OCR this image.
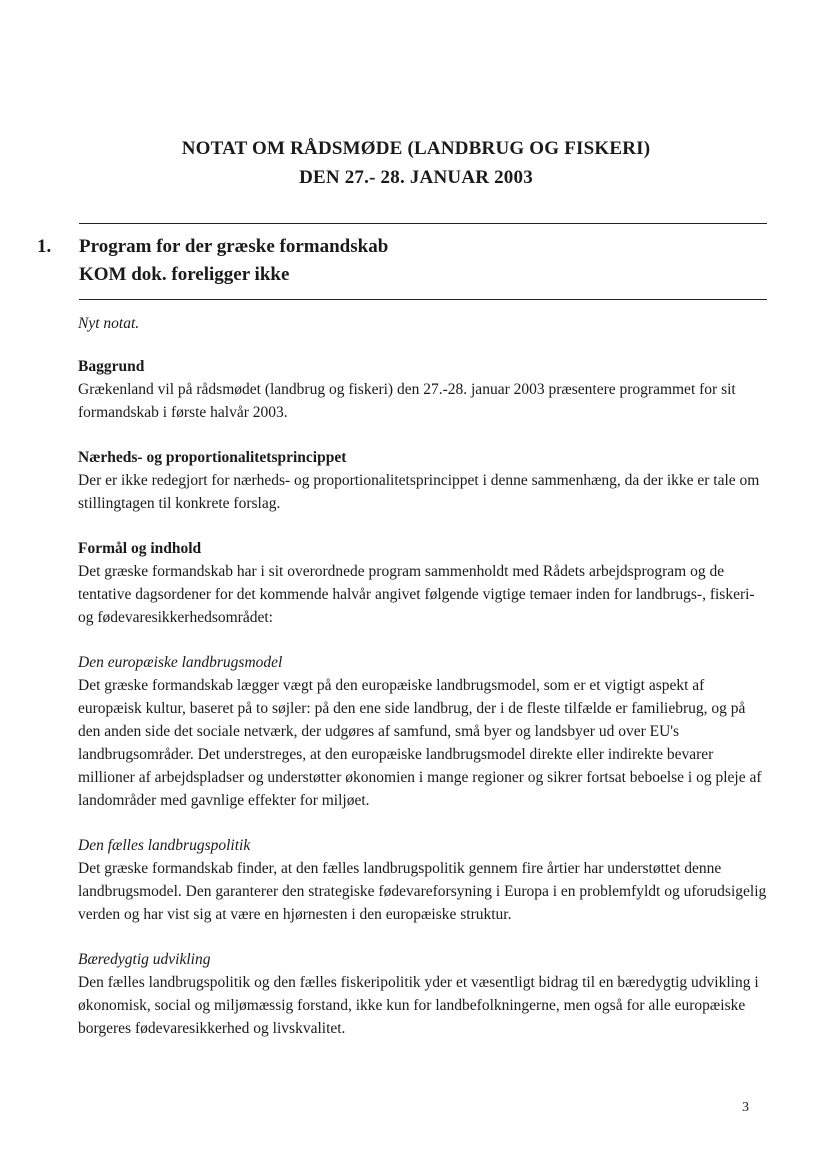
NOTAT OM RÅDSMØDE (LANDBRUG OG FISKERI)
DEN 27.- 28. JANUAR 2003
1. Program for der græske formandskab
KOM dok. foreligger ikke

Nyt notat.

Baggrund

Grækenland vil på rådsmødet (landbrug og fiskeri) den 27.-28. januar 2003 præsentere programmet for sit formandskab i første halvår 2003.

Nærheds- og proportionalitetsprincippet

Der er ikke redegjort for nærheds- og proportionalitetsprincippet i denne sammenhæng, da der ikke er tale om stillingtagen til konkrete forslag.

Formål og indhold

Det græske formandskab har i sit overordnede program sammenholdt med Rådets arbejdsprogram og de tentative dagsordener for det kommende halvår angivet følgende vigtige temaer inden for landbrugs-, fiskeri- og fødevaresikkerhedsområdet:

Den europæiske landbrugsmodel

Det græske formandskab lægger vægt på den europæiske landbrugsmodel, som er et vigtigt aspekt af europæisk kultur, baseret på to søjler: på den ene side landbrug, der i de fleste tilfælde er familiebrug, og på den anden side det sociale netværk, der udgøres af samfund, små byer og landsbyer ud over EU's landbrugsområder. Det understreges, at den europæiske landbrugsmodel direkte eller indirekte bevarer millioner af arbejdspladser og understøtter økonomien i mange regioner og sikrer fortsat beboelse i og pleje af landområder med gavnlige effekter for miljøet.

Den fælles landbrugspolitik

Det græske formandskab finder, at den fælles landbrugspolitik gennem fire årtier har understøttet denne landbrugsmodel. Den garanterer den strategiske fødevareforsyning i Europa i en problemfyldt og uforudsigelig verden og har vist sig at være en hjørnesten i den europæiske struktur.

Bæredygtig udvikling

Den fælles landbrugspolitik og den fælles fiskeripolitik yder et væsentligt bidrag til en bæredygtig udvikling i økonomisk, social og miljømæssig forstand, ikke kun for landbefolkningerne, men også for alle europæiske borgeres fødevaresikkerhed og livskvalitet.

3
